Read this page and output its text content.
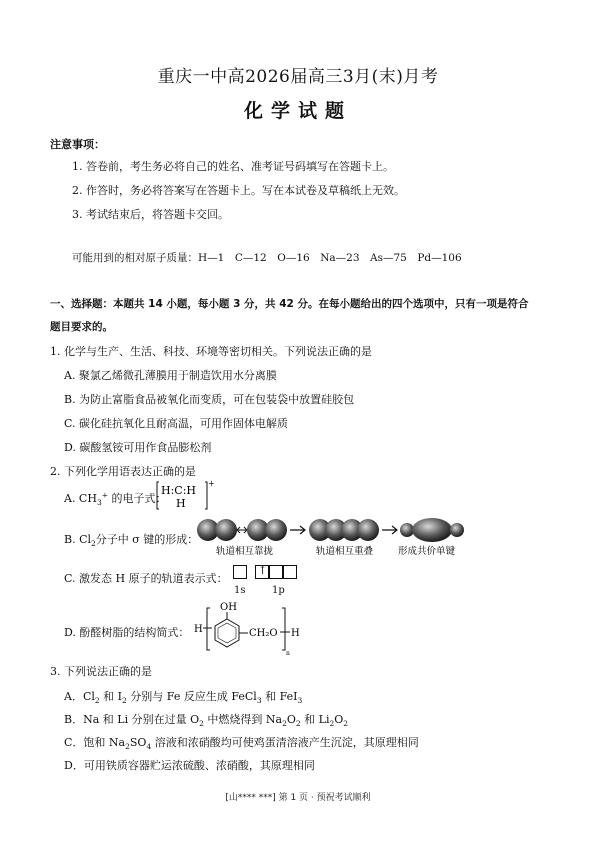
重庆一中高2026届高三3月(末)月考
化学试题
注意事项：
1. 答卷前，考生务必将自己的姓名、准考证号码填写在答题卡上。
2. 作答时，务必将答案写在答题卡上。写在本试卷及草稿纸上无效。
3. 考试结束后，将答题卡交回。
可能用到的相对原子质量：H—1　C—12　O—16　Na—23　As—75　Pd—106
一、选择题：本题共 14 小题，每小题 3 分，共 42 分。在每小题给出的四个选项中，只有一项是符合
题目要求的。
1. 化学与生产、生活、科技、环境等密切相关。下列说法正确的是
A. 聚氯乙烯微孔薄膜用于制造饮用水分离膜
B. 为防止富脂食品被氧化而变质，可在包装袋中放置硅胶包
C. 碳化硅抗氧化且耐高温，可用作固体电解质
D. 碳酸氢铵可用作食品膨松剂
2. 下列化学用语表达正确的是
A. $CH_3^+$ 的电子式：
H:C:H
H
+
B. $Cl_2$分子中 σ 键的形成：
轨道相互靠拢	轨道相互重叠	形成共价单键
C. 激发态 H 原子的轨道表示式：
↑
1s	1p
D. 酚醛树脂的结构简式：
OH
H	CH₂O H
n
3. 下列说法正确的是
A．$Cl_2$ 和 $I_2$ 分别与 Fe 反应生成 FeCl$_3$ 和 FeI$_3$
B．Na 和 Li 分别在过量 $O_2$ 中燃烧得到 $Na_2O_2$ 和 $Li_2O_2$
C．饱和 $Na_2SO_4$ 溶液和浓硝酸均可使鸡蛋清溶液产生沉淀，其原理相同
D．可用铁质容器贮运浓硫酸、浓硝酸，其原理相同
[山**** ***] 第 1 页 · 预祝考试顺利
